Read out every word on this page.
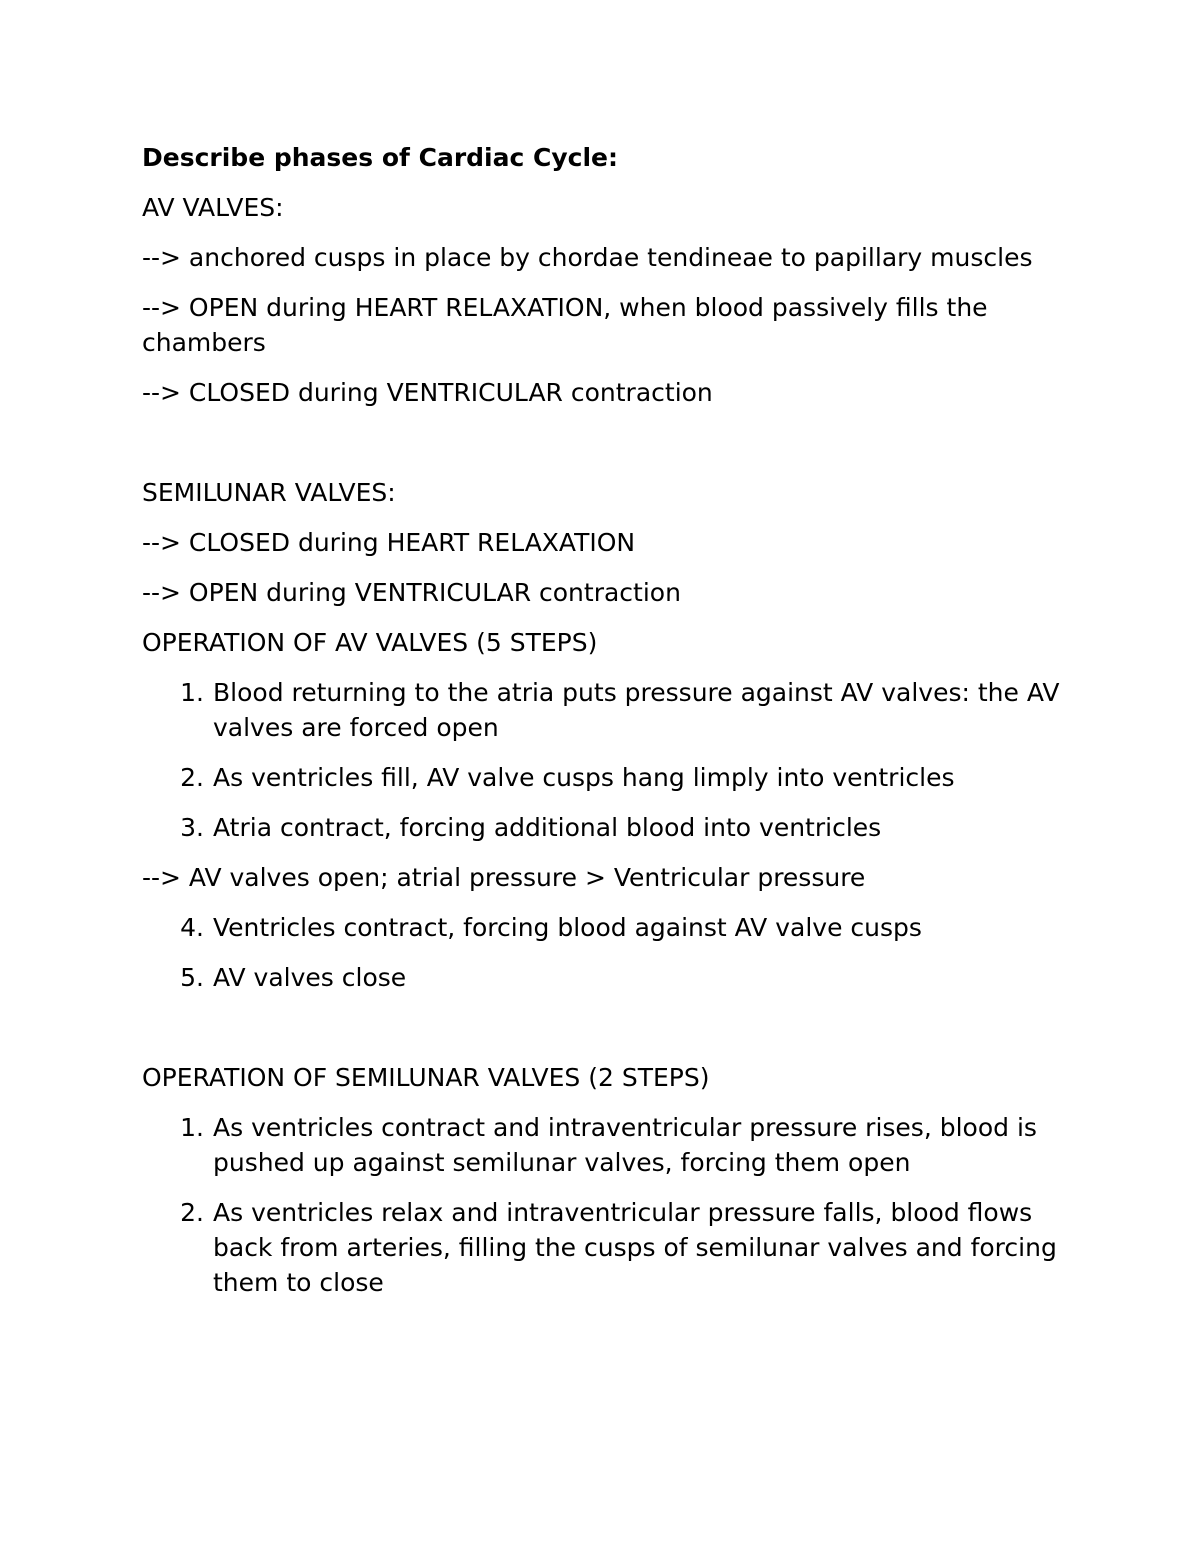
Describe phases of Cardiac Cycle:

AV VALVES:

--> anchored cusps in place by chordae tendineae to papillary muscles

--> OPEN during HEART RELAXATION, when blood passively fills the chambers

--> CLOSED during VENTRICULAR contraction

SEMILUNAR VALVES:

--> CLOSED during HEART RELAXATION

--> OPEN during VENTRICULAR contraction

OPERATION OF AV VALVES (5 STEPS)

1. Blood returning to the atria puts pressure against AV valves: the AV valves are forced open
2. As ventricles fill, AV valve cusps hang limply into ventricles
3. Atria contract, forcing additional blood into ventricles

--> AV valves open; atrial pressure > Ventricular pressure

4. Ventricles contract, forcing blood against AV valve cusps
5. AV valves close

OPERATION OF SEMILUNAR VALVES (2 STEPS)

1. As ventricles contract and intraventricular pressure rises, blood is pushed up against semilunar valves, forcing them open
2. As ventricles relax and intraventricular pressure falls, blood flows back from arteries, filling the cusps of semilunar valves and forcing them to close
